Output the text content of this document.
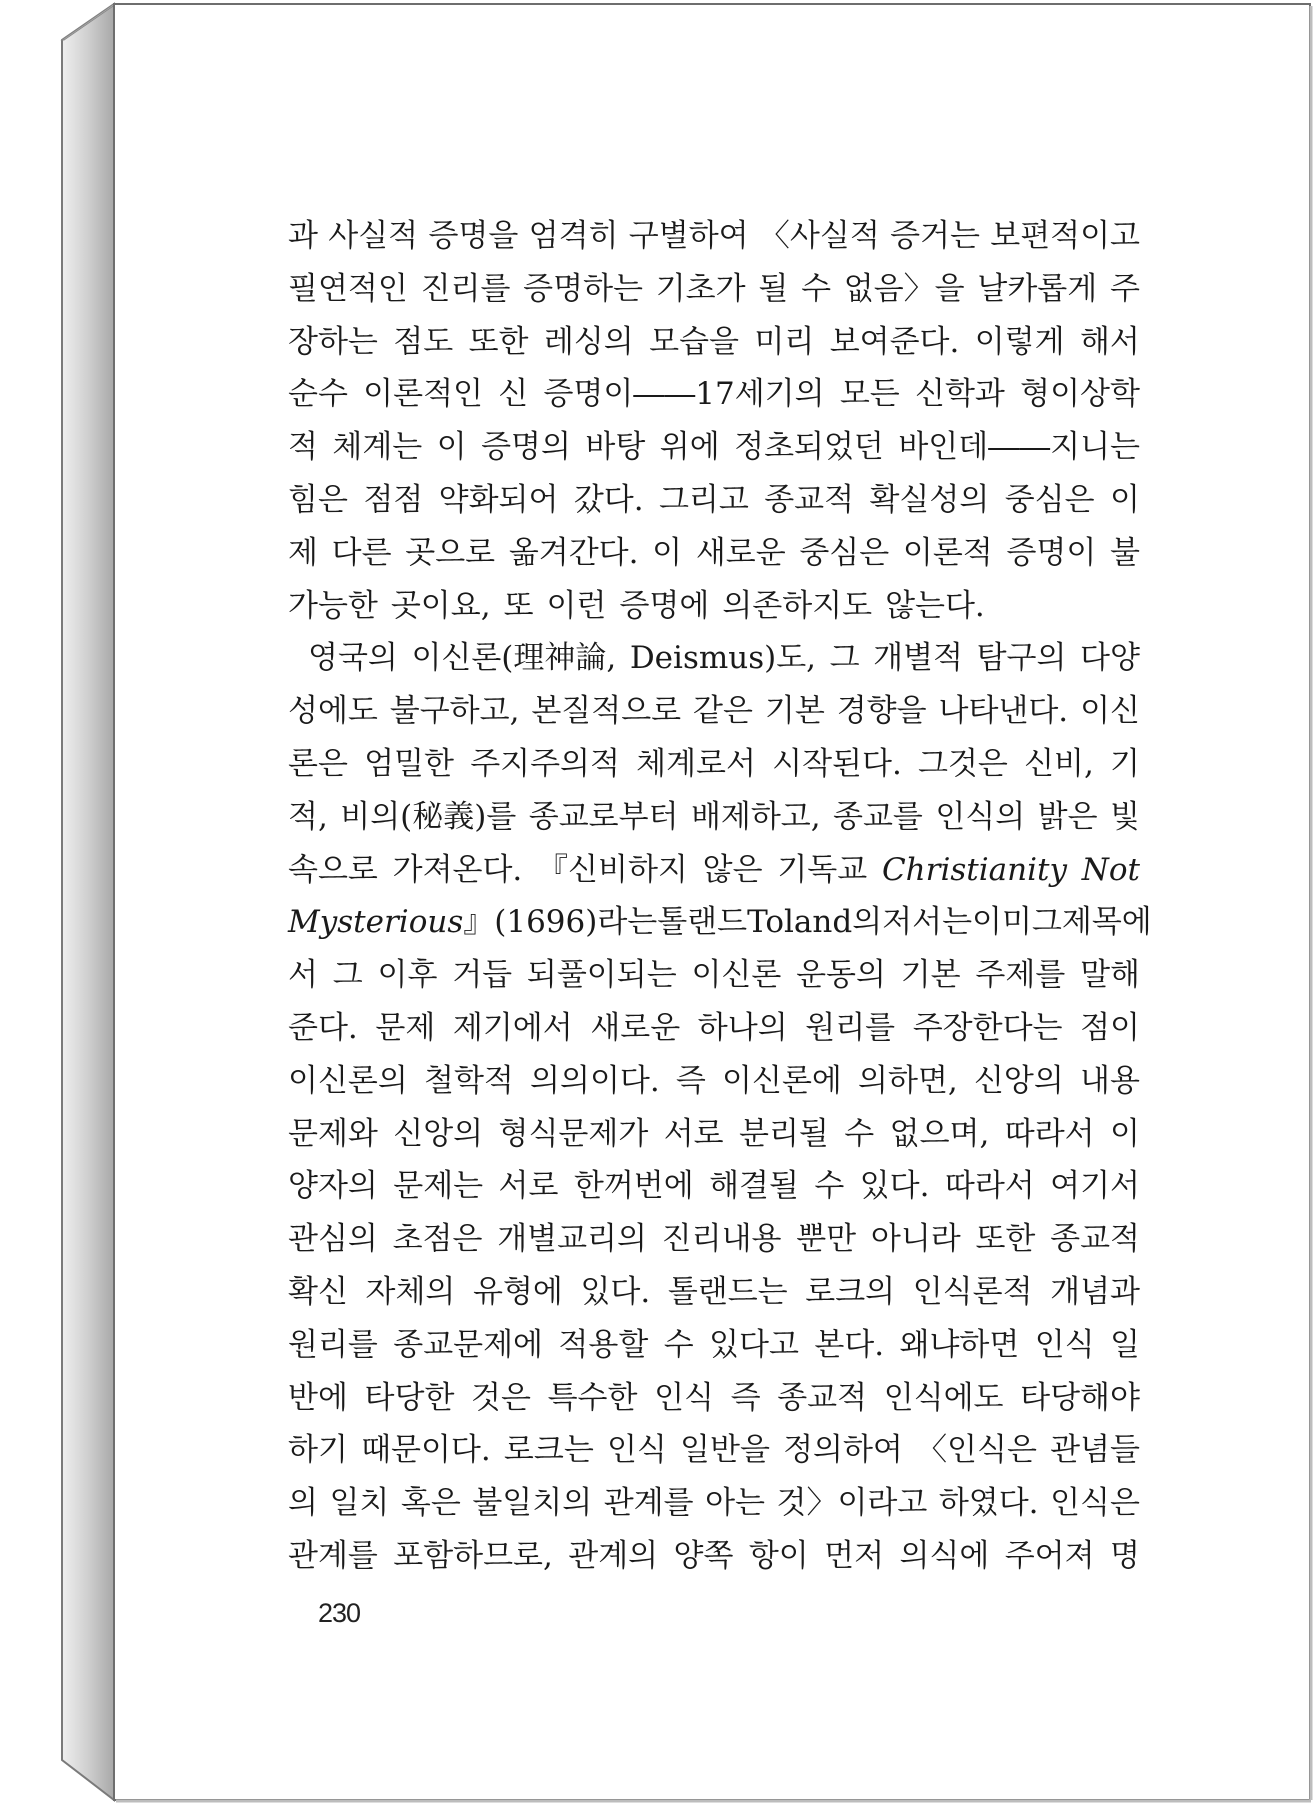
과 사실적 증명을 엄격히 구별하여 〈사실적 증거는 보편적이고
필연적인 진리를 증명하는 기초가 될 수 없음〉을 날카롭게 주
장하는 점도 또한 레싱의 모습을 미리 보여준다. 이렇게 해서
순수 이론적인 신 증명이――17세기의 모든 신학과 형이상학
적 체계는 이 증명의 바탕 위에 정초되었던 바인데――지니는
힘은 점점 약화되어 갔다. 그리고 종교적 확실성의 중심은 이
제 다른 곳으로 옮겨간다. 이 새로운 중심은 이론적 증명이 불
가능한 곳이요, 또 이런 증명에 의존하지도 않는다.
영국의 이신론(理神論, Deismus)도, 그 개별적 탐구의 다양
성에도 불구하고, 본질적으로 같은 기본 경향을 나타낸다. 이신
론은 엄밀한 주지주의적 체계로서 시작된다. 그것은 신비, 기
적, 비의(秘義)를 종교로부터 배제하고, 종교를 인식의 밝은 빛
속으로 가져온다. 『신비하지 않은 기독교 Christianity Not
Mysterious』(1696)라는 톨랜드 Toland의 저서는 이미 그 제목에
서 그 이후 거듭 되풀이되는 이신론 운동의 기본 주제를 말해
준다. 문제 제기에서 새로운 하나의 원리를 주장한다는 점이
이신론의 철학적 의의이다. 즉 이신론에 의하면, 신앙의 내용
문제와 신앙의 형식문제가 서로 분리될 수 없으며, 따라서 이
양자의 문제는 서로 한꺼번에 해결될 수 있다. 따라서 여기서
관심의 초점은 개별교리의 진리내용 뿐만 아니라 또한 종교적
확신 자체의 유형에 있다. 톨랜드는 로크의 인식론적 개념과
원리를 종교문제에 적용할 수 있다고 본다. 왜냐하면 인식 일
반에 타당한 것은 특수한 인식 즉 종교적 인식에도 타당해야
하기 때문이다. 로크는 인식 일반을 정의하여 〈인식은 관념들
의 일치 혹은 불일치의 관계를 아는 것〉이라고 하였다. 인식은
관계를 포함하므로, 관계의 양쪽 항이 먼저 의식에 주어져 명
230
